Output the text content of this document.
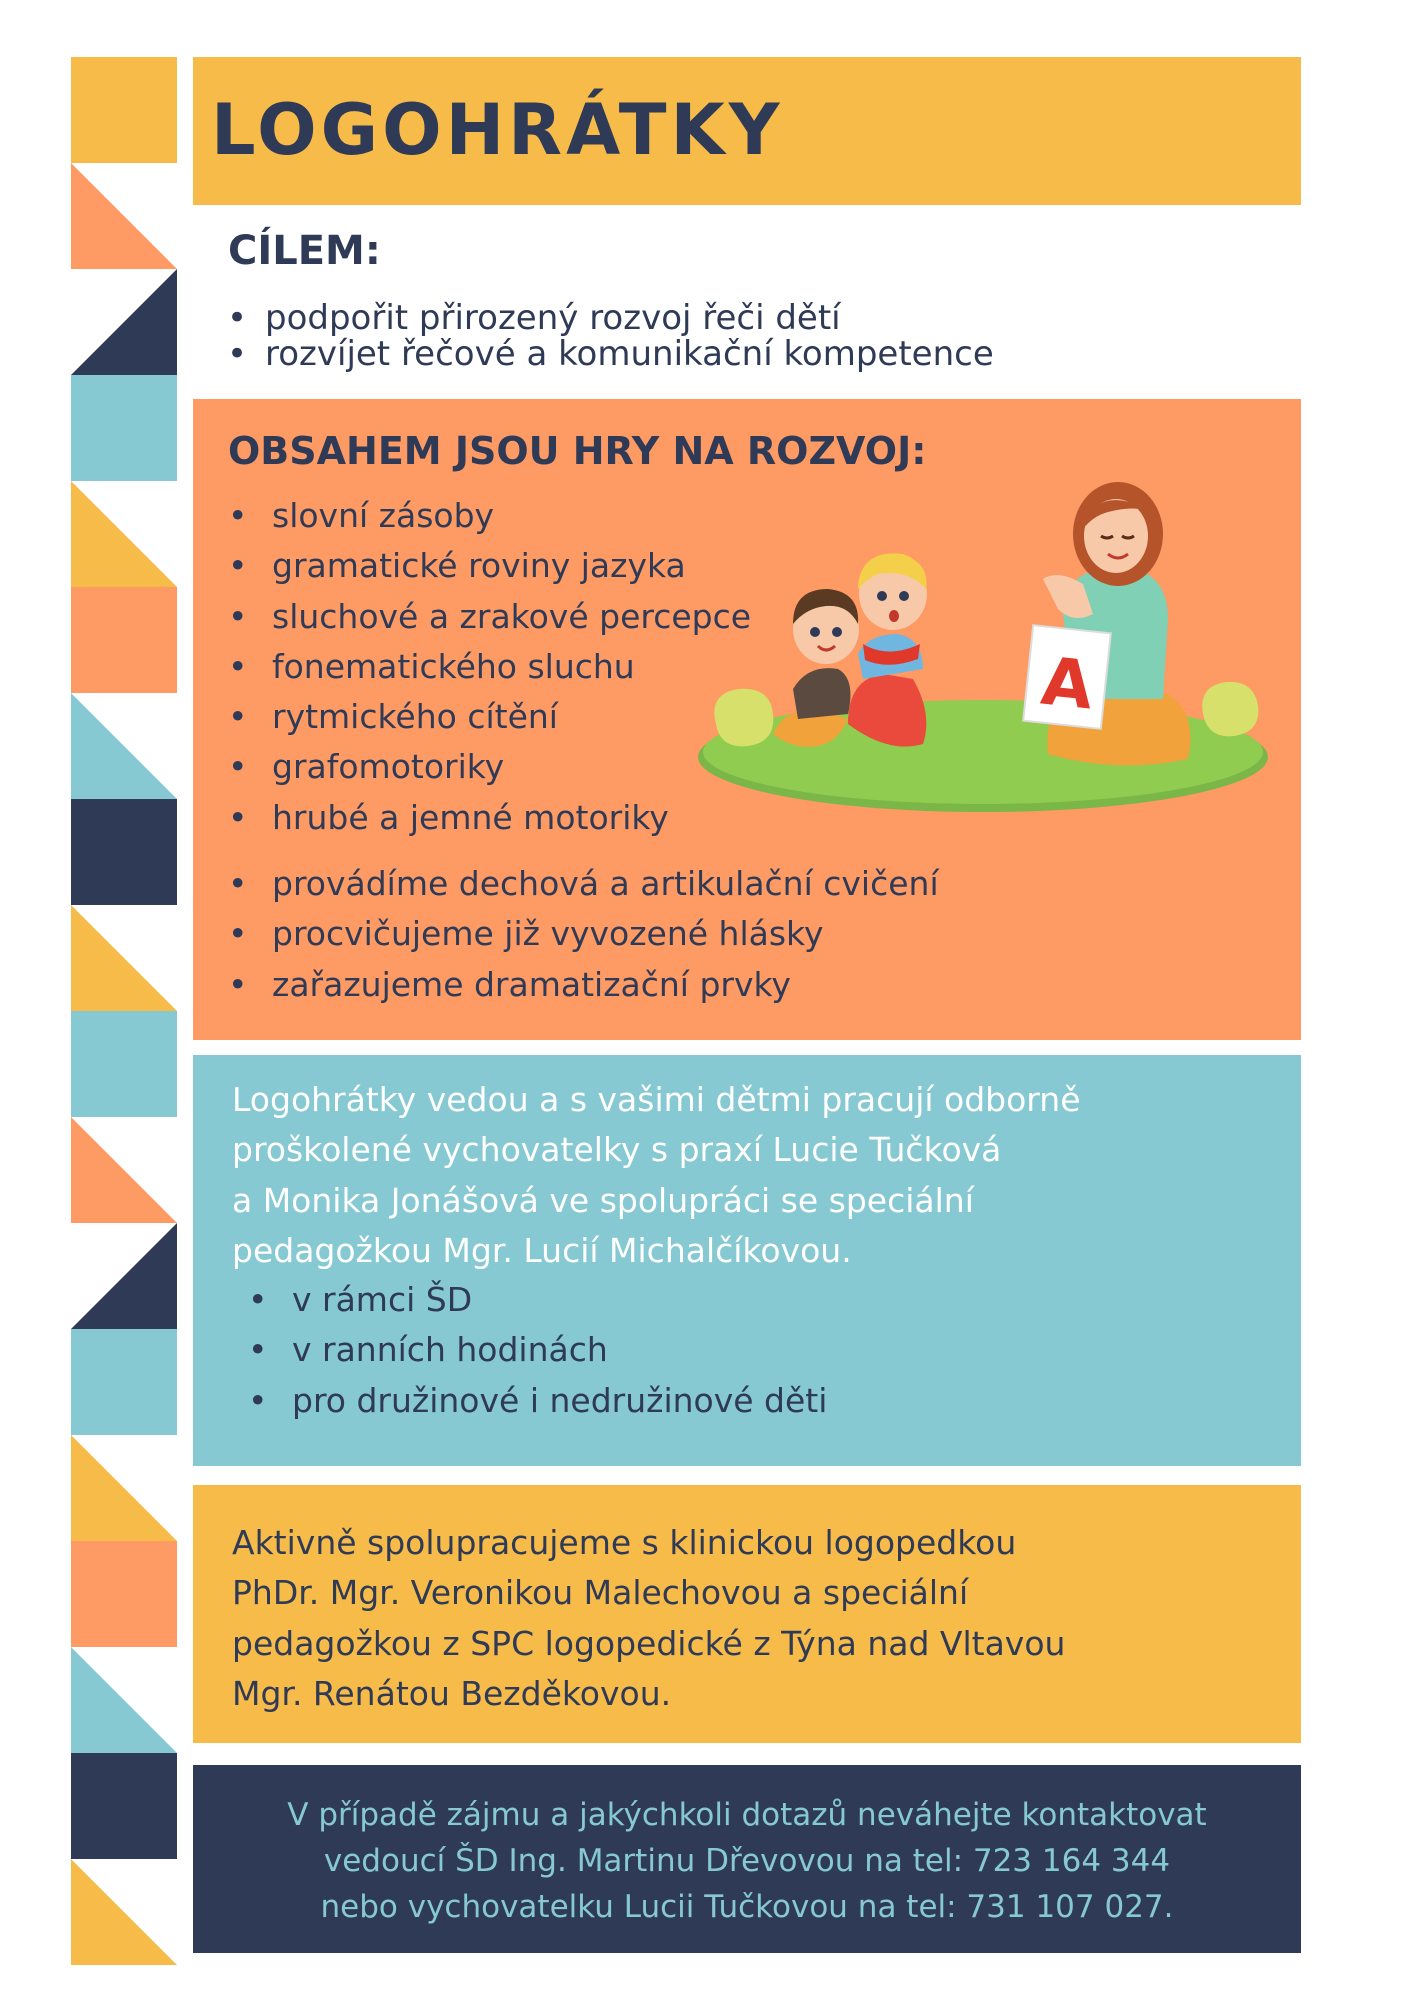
LOGOHRÁTKY
CÍLEM:
• podpořit přirozený rozvoj řeči dětí
• rozvíjet řečové a komunikační kompetence
OBSAHEM JSOU HRY NA ROZVOJ:
• slovní zásoby
• gramatické roviny jazyka
• sluchové a zrakové percepce
• fonematického sluchu
• rytmického cítění
• grafomotoriky
• hrubé a jemné motoriky
• provádíme dechová a artikulační cvičení
• procvičujeme již vyvozené hlásky
• zařazujeme dramatizační prvky
A

Logohrátky vedou a s vašimi dětmi pracují odborně
proškolené vychovatelky s praxí Lucie Tučková
a Monika Jonášová ve spolupráci se speciální
pedagožkou Mgr. Lucií Michalčíkovou.

• v rámci ŠD
• v ranních hodinách
• pro družinové i nedružinové děti

Aktivně spolupracujeme s klinickou logopedkou
PhDr. Mgr. Veronikou Malechovou a speciální
pedagožkou z SPC logopedické z Týna nad Vltavou
Mgr. Renátou Bezděkovou.

V případě zájmu a jakýchkoli dotazů neváhejte kontaktovat
vedoucí ŠD Ing. Martinu Dřevovou na tel: 723 164 344
nebo vychovatelku Lucii Tučkovou na tel: 731 107 027.
